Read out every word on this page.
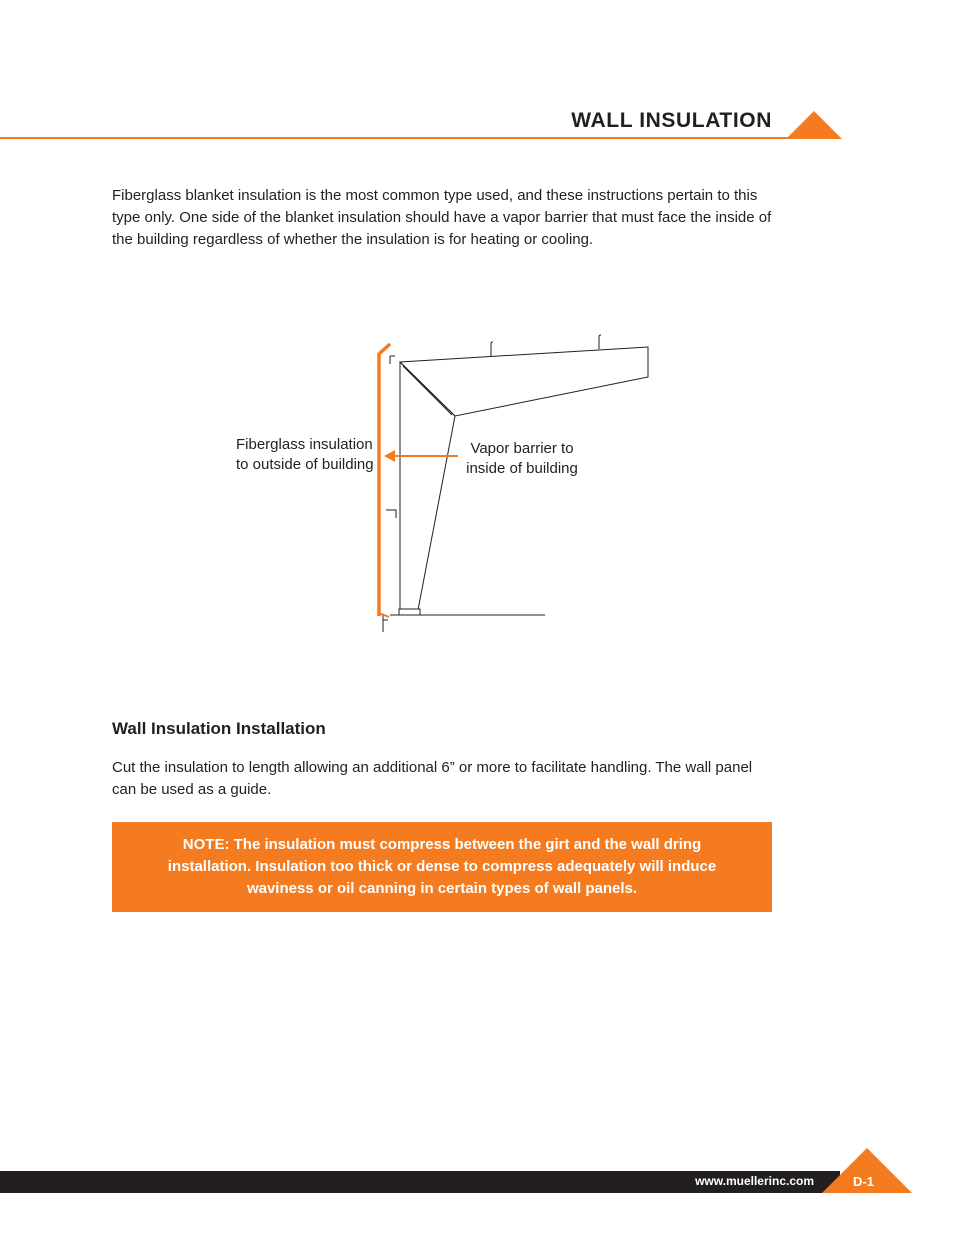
WALL INSULATION

Fiberglass blanket insulation is the most common type used, and these instructions pertain to this type only. One side of the blanket insulation should have a vapor barrier that must face the inside of the building regardless of whether the insulation is for heating or cooling.

Fiberglass insulation
to outside of building
Vapor barrier to
inside of building
Wall Insulation Installation

Cut the insulation to length allowing an additional 6” or more to facilitate handling. The wall panel can be used as a guide.

NOTE: The insulation must compress between the girt and the wall dring
installation. Insulation too thick or dense to compress adequately will induce
waviness or oil canning in certain types of wall panels.
www.muellerinc.com	D-1
